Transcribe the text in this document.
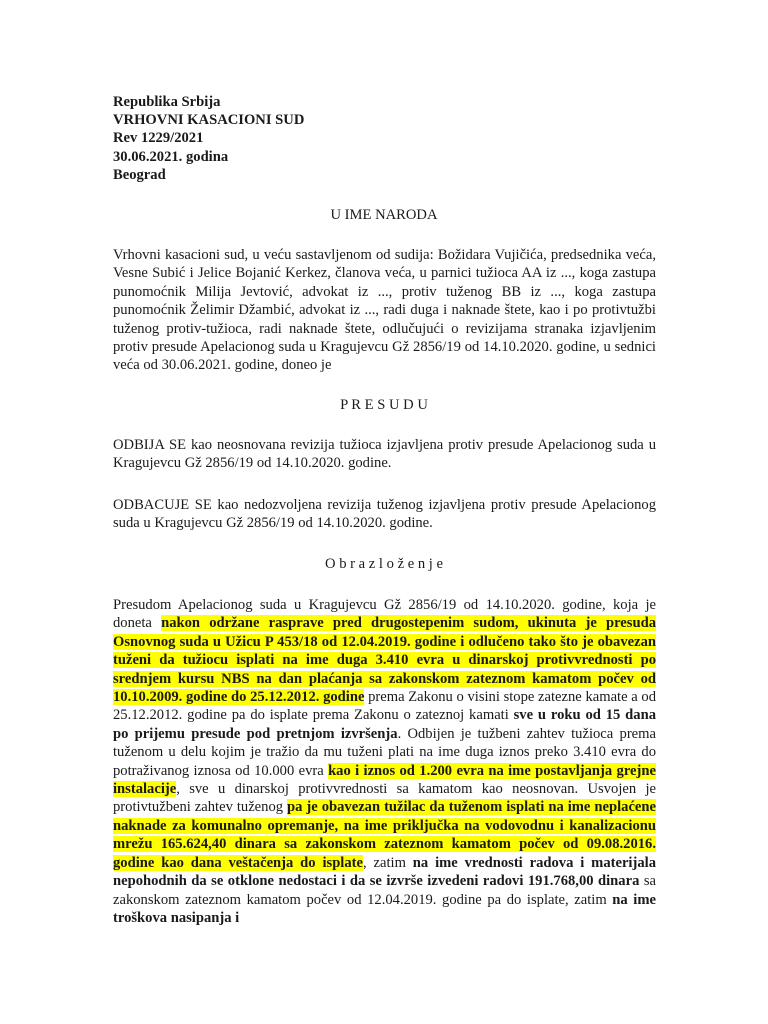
Republika Srbija
VRHOVNI KASACIONI SUD
Rev 1229/2021
30.06.2021. godina
Beograd
U IME NARODA
Vrhovni kasacioni sud, u veću sastavljenom od sudija: Božidara Vujičića, predsednika veća, Vesne Subić i Jelice Bojanić Kerkez, članova veća, u parnici tužioca AA iz ..., koga zastupa punomoćnik Milija Jevtović, advokat iz ..., protiv tuženog BB iz ..., koga zastupa punomoćnik Želimir Džambić, advokat iz ..., radi duga i naknade štete, kao i po protivtužbi tuženog protiv-tužioca, radi naknade štete, odlučujući o revizijama stranaka izjavljenim protiv presude Apelacionog suda u Kragujevcu Gž 2856/19 od 14.10.2020. godine, u sednici veća od 30.06.2021. godine, doneo je
P R E S U D U
ODBIJA SE kao neosnovana revizija tužioca izjavljena protiv presude Apelacionog suda u Kragujevcu Gž 2856/19 od 14.10.2020. godine.
ODBACUJE SE kao nedozvoljena revizija tuženog izjavljena protiv presude Apelacionog suda u Kragujevcu Gž 2856/19 od 14.10.2020. godine.
O b r a z l o ž e n j e
Presudom Apelacionog suda u Kragujevcu Gž 2856/19 od 14.10.2020. godine, koja je doneta nakon održane rasprave pred drugostepenim sudom, ukinuta je presuda Osnovnog suda u Užicu P 453/18 od 12.04.2019. godine i odlučeno tako što je obavezan tuženi da tužiocu isplati na ime duga 3.410 evra u dinarskoj protivvrednosti po srednjem kursu NBS na dan plaćanja sa zakonskom zateznom kamatom počev od 10.10.2009. godine do 25.12.2012. godine prema Zakonu o visini stope zatezne kamate a od 25.12.2012. godine pa do isplate prema Zakonu o zateznoj kamati sve u roku od 15 dana po prijemu presude pod pretnjom izvršenja. Odbijen je tužbeni zahtev tužioca prema tuženom u delu kojim je tražio da mu tuženi plati na ime duga iznos preko 3.410 evra do potraživanog iznosa od 10.000 evra kao i iznos od 1.200 evra na ime postavljanja grejne instalacije, sve u dinarskoj protivvrednosti sa kamatom kao neosnovan. Usvojen je protivtužbeni zahtev tuženog pa je obavezan tužilac da tuženom isplati na ime neplaćene naknade za komunalno opremanje, na ime priključka na vodovodnu i kanalizacionu mrežu 165.624,40 dinara sa zakonskom zateznom kamatom počev od 09.08.2016. godine kao dana veštačenja do isplate, zatim na ime vrednosti radova i materijala nepohodnih da se otklone nedostaci i da se izvrše izvedeni radovi 191.768,00 dinara sa zakonskom zateznom kamatom počev od 12.04.2019. godine pa do isplate, zatim na ime troškova nasipanja i
